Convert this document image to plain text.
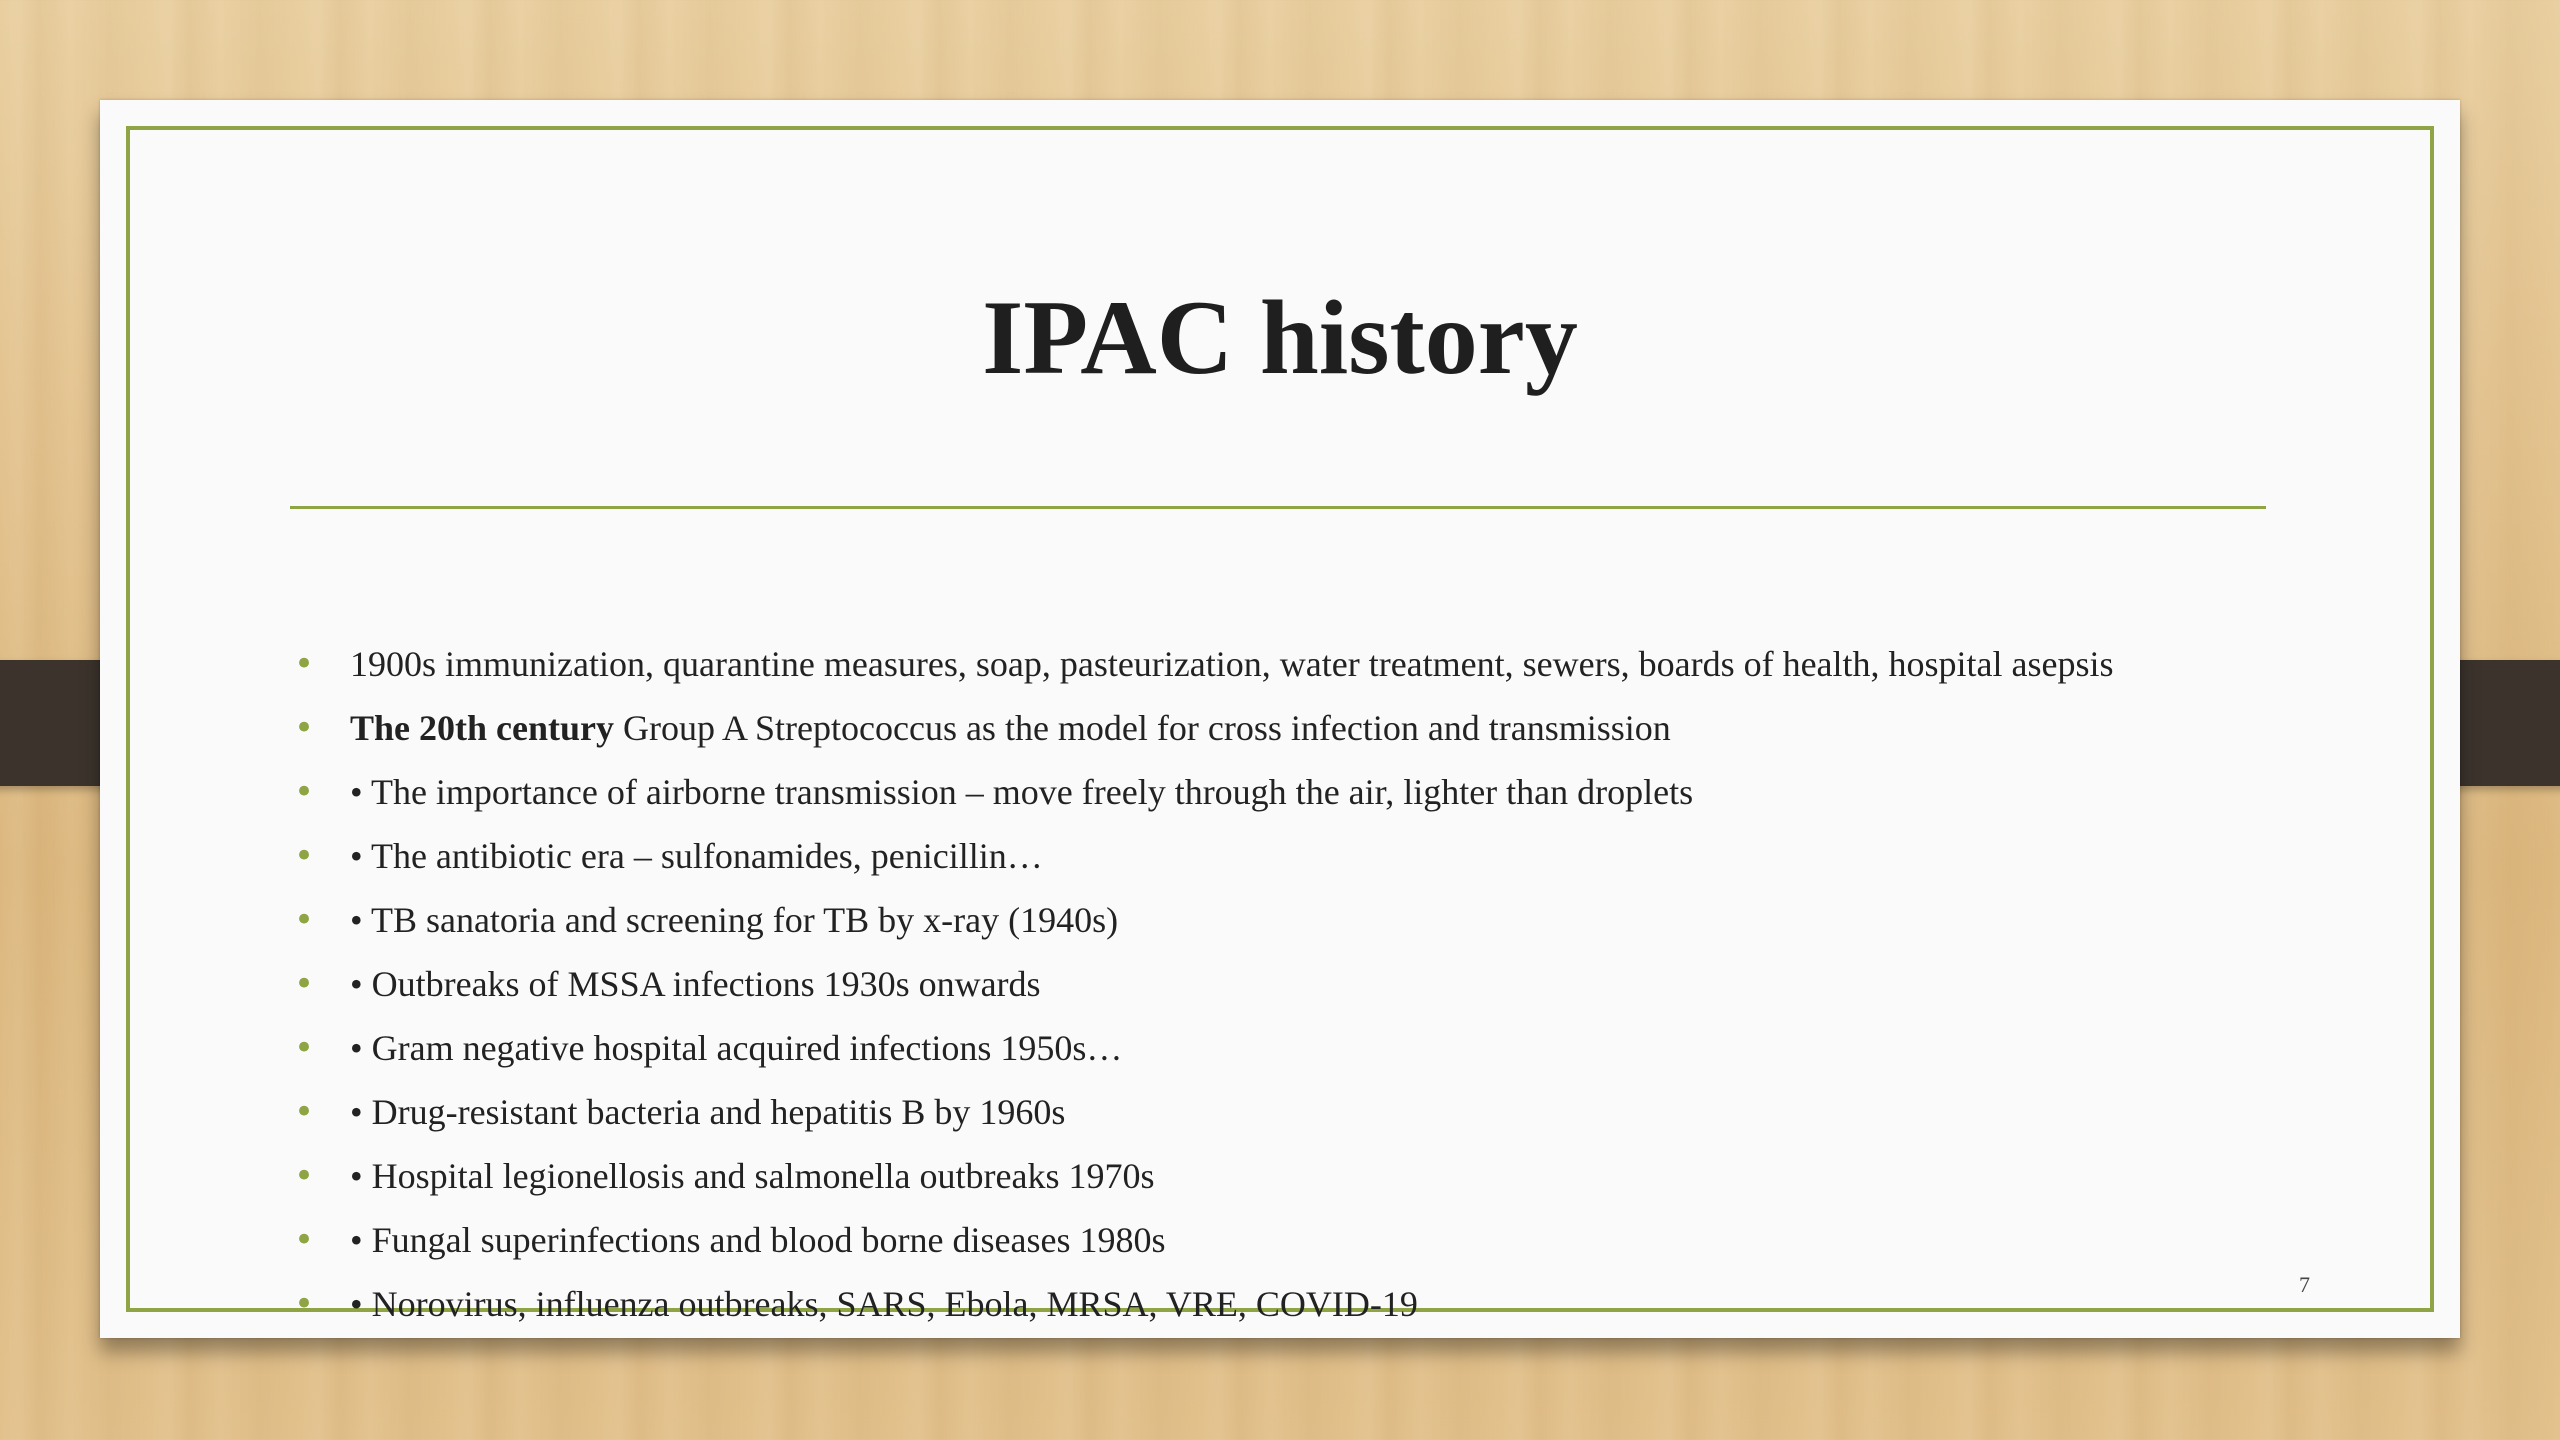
IPAC history
• 1900s immunization, quarantine measures, soap, pasteurization, water treatment, sewers, boards of health, hospital asepsis
• The 20th century Group A Streptococcus as the model for cross infection and transmission
• • The importance of airborne transmission – move freely through the air, lighter than droplets
• • The antibiotic era – sulfonamides, penicillin…
• • TB sanatoria and screening for TB by x-ray (1940s)
• • Outbreaks of MSSA infections 1930s onwards
• • Gram negative hospital acquired infections 1950s…
• • Drug-resistant bacteria and hepatitis B by 1960s
• • Hospital legionellosis and salmonella outbreaks 1970s
• • Fungal superinfections and blood borne diseases 1980s
• • Norovirus, influenza outbreaks, SARS, Ebola, MRSA, VRE, COVID-19	7
